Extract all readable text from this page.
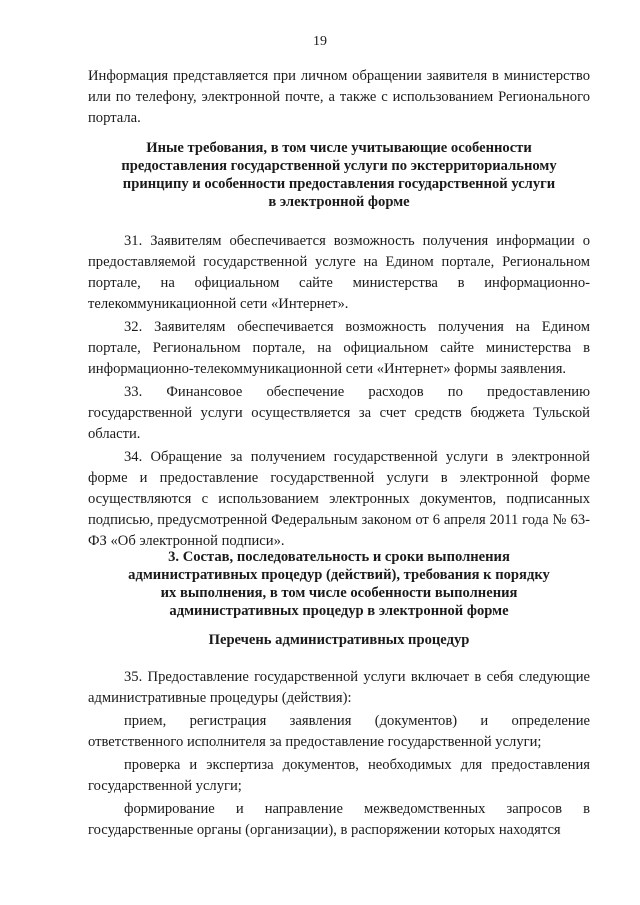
19

Информация представляется при личном обращении заявителя в министерство или по телефону, электронной почте, а также с использованием Регионального портала.

Иные требования, в том числе учитывающие особенности
предоставления государственной услуги по экстерриториальному
принципу и особенности предоставления государственной услуги
в электронной форме

31. Заявителям обеспечивается возможность получения информации о предоставляемой государственной услуге на Едином портале, Региональном портале, на официальном сайте министерства в информационно-телекоммуникационной сети «Интернет».

32. Заявителям обеспечивается возможность получения на Едином портале, Региональном портале, на официальном сайте министерства в информационно-телекоммуникационной сети «Интернет» формы заявления.

33. Финансовое обеспечение расходов по предоставлению государственной услуги осуществляется за счет средств бюджета Тульской области.

34. Обращение за получением государственной услуги в электронной форме и предоставление государственной услуги в электронной форме осуществляются с использованием электронных документов, подписанных подписью, предусмотренной Федеральным законом от 6 апреля 2011 года № 63-ФЗ «Об электронной подписи».

3. Состав, последовательность и сроки выполнения
административных процедур (действий), требования к порядку
их выполнения, в том числе особенности выполнения
административных процедур в электронной форме
Перечень административных процедур

35. Предоставление государственной услуги включает в себя следующие административные процедуры (действия):

прием, регистрация заявления (документов) и определение ответственного исполнителя за предоставление государственной услуги;

проверка и экспертиза документов, необходимых для предоставления государственной услуги;

формирование и направление межведомственных запросов в государственные органы (организации), в распоряжении которых находятся
